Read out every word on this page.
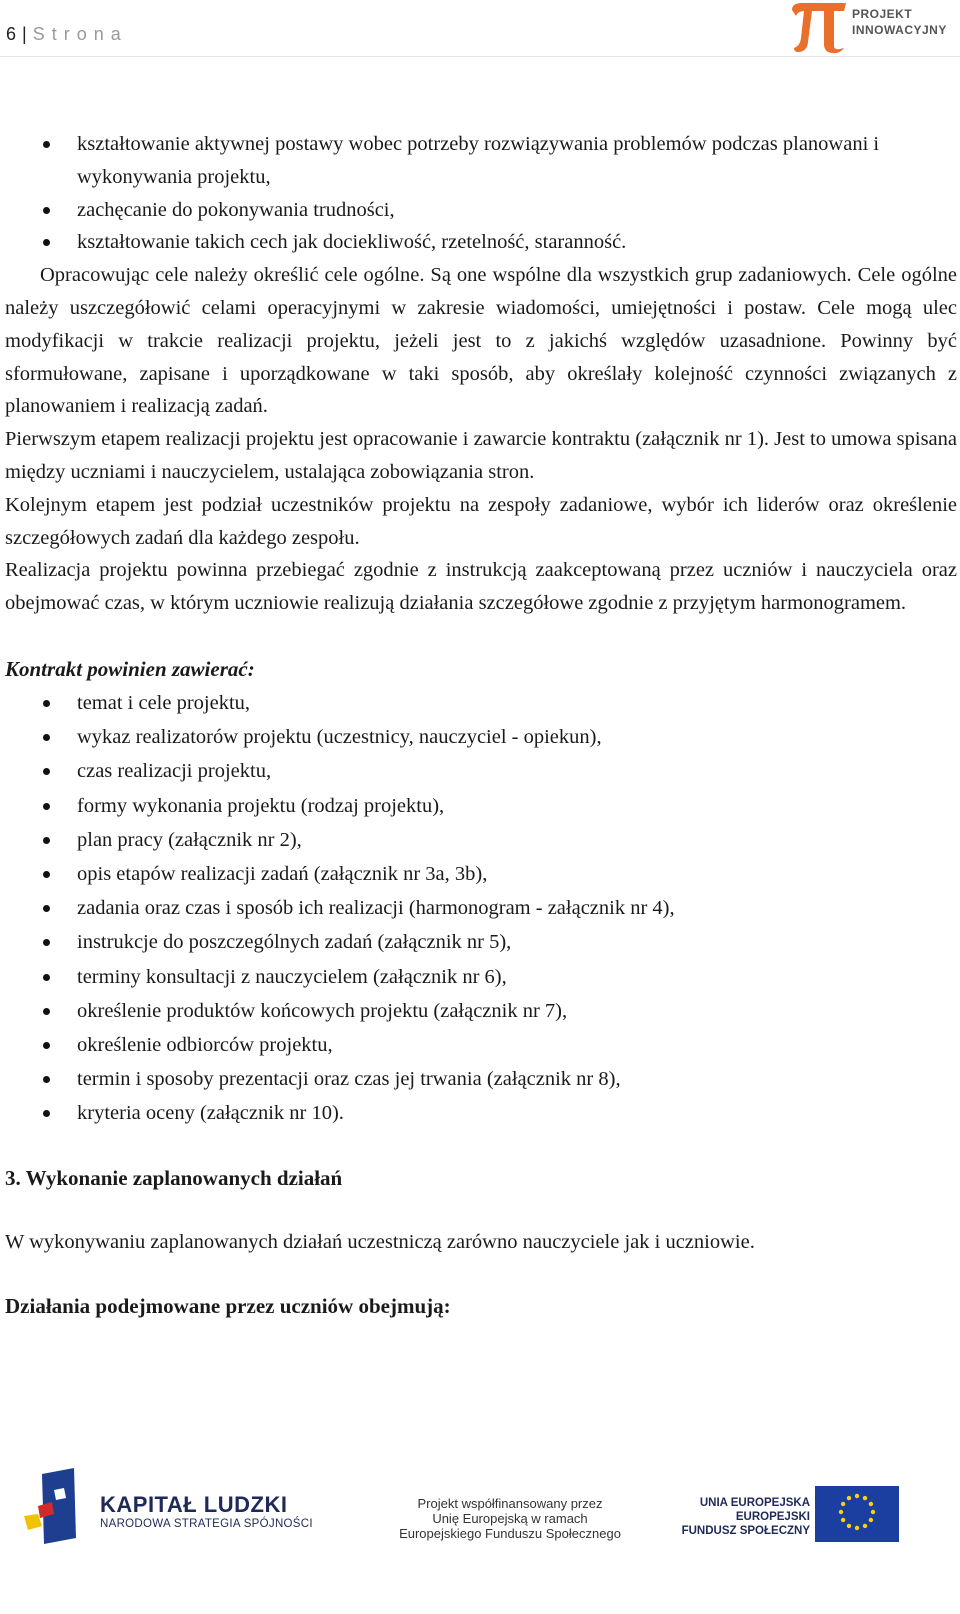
6 | Strona
PROJEKT
INNOWACYJNY
kształtowanie aktywnej postawy wobec potrzeby rozwiązywania problemów podczas planowani i wykonywania projektu,
zachęcanie do pokonywania trudności,
kształtowanie takich cech jak dociekliwość, rzetelność, staranność.

Opracowując cele należy określić cele ogólne. Są one wspólne dla wszystkich grup zadaniowych. Cele ogólne należy uszczegółowić celami operacyjnymi w zakresie wiadomości, umiejętności i postaw. Cele mogą ulec modyfikacji w trakcie realizacji projektu, jeżeli jest to z jakichś względów uzasadnione. Powinny być sformułowane, zapisane i uporządkowane w taki sposób, aby określały kolejność czynności związanych z planowaniem i realizacją zadań.

Pierwszym etapem realizacji projektu jest opracowanie i zawarcie kontraktu (załącznik nr 1). Jest to umowa spisana między uczniami i nauczycielem, ustalająca zobowiązania stron.

Kolejnym etapem jest podział uczestników projektu na zespoły zadaniowe, wybór ich liderów oraz określenie szczegółowych zadań dla każdego zespołu.

Realizacja projektu powinna przebiegać zgodnie z instrukcją zaakceptowaną przez uczniów i nauczyciela oraz obejmować czas, w którym uczniowie realizują działania szczegółowe zgodnie z przyjętym harmonogramem.

Kontrakt powinien zawierać:

temat i cele projektu,
wykaz realizatorów projektu (uczestnicy, nauczyciel - opiekun),
czas realizacji projektu,
formy wykonania projektu (rodzaj projektu),
plan pracy (załącznik nr 2),
opis etapów realizacji zadań (załącznik nr 3a, 3b),
zadania oraz czas i sposób ich realizacji (harmonogram - załącznik nr 4),
instrukcje do poszczególnych zadań (załącznik nr 5),
terminy konsultacji z nauczycielem (załącznik nr 6),
określenie produktów końcowych projektu (załącznik nr 7),
określenie odbiorców projektu,
termin i sposoby prezentacji oraz czas jej trwania (załącznik nr 8),
kryteria oceny (załącznik nr 10).

3. Wykonanie zaplanowanych działań

W wykonywaniu zaplanowanych działań uczestniczą zarówno nauczyciele jak i uczniowie.

Działania podejmowane przez uczniów obejmują:

KAPITAŁ LUDZKI
NARODOWA STRATEGIA SPÓJNOŚCI
Projekt współfinansowany przez
Unię Europejską w ramach
Europejskiego Funduszu Społecznego
UNIA EUROPEJSKA
EUROPEJSKI
FUNDUSZ SPOŁECZNY
